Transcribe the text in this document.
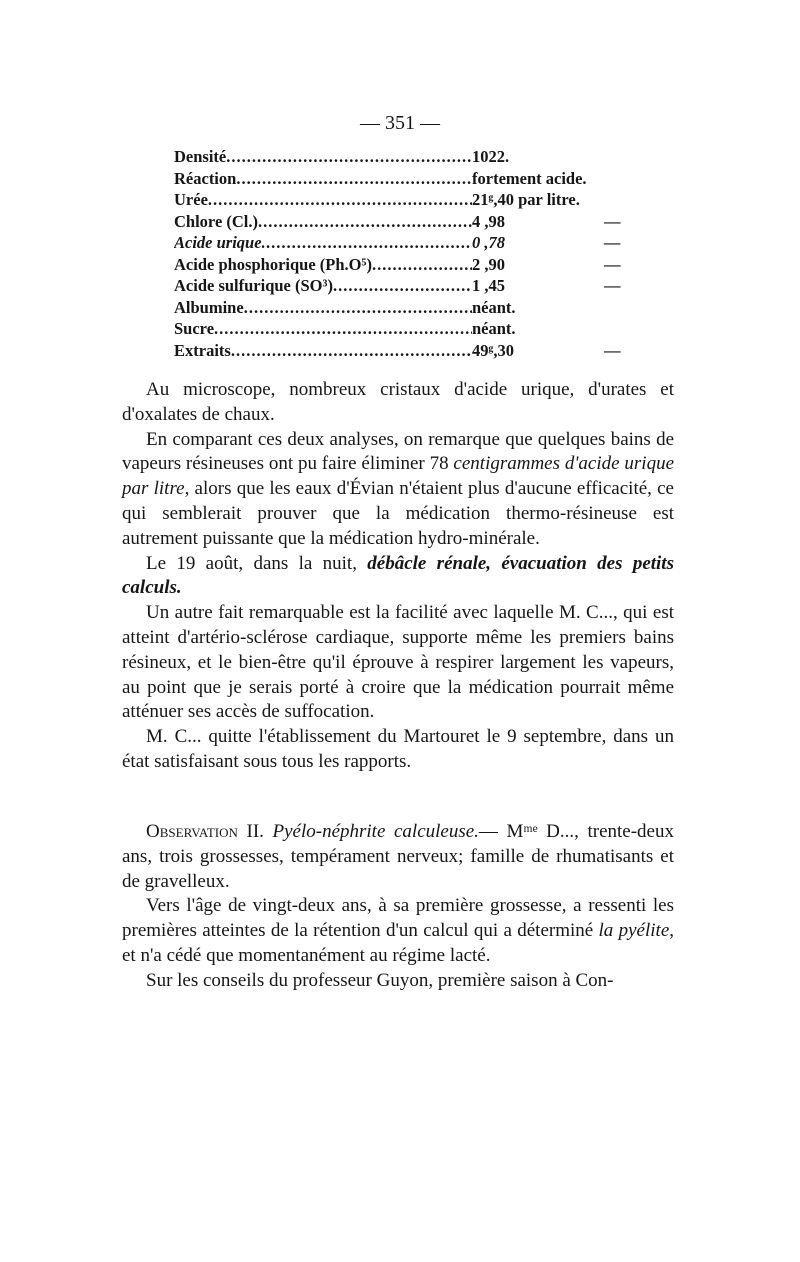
— 351 —
Densité .....	1022.
Réaction .....	fortement acide.
Urée .....	21ᵍ,40 par litre.
Chlore (Cl.) .....	4 ,98	—
Acide urique .....	0 ,78	—
Acide phosphorique (Ph.O⁵) .....	2 ,90	—
Acide sulfurique (SO³) .....	1 ,45	—
Albumine .....	néant.
Sucre .....	néant.
Extraits .....	49ᵍ,30	—

Au microscope, nombreux cristaux d'acide urique, d'urates et d'oxalates de chaux.

En comparant ces deux analyses, on remarque que quelques bains de vapeurs résineuses ont pu faire éliminer 78 centigrammes d'acide urique par litre, alors que les eaux d'Évian n'étaient plus d'aucune efficacité, ce qui semblerait prouver que la médication thermo-résineuse est autrement puissante que la médication hydro-minérale.

Le 19 août, dans la nuit, débâcle rénale, évacuation des petits calculs.

Un autre fait remarquable est la facilité avec laquelle M. C..., qui est atteint d'artério-sclérose cardiaque, supporte même les premiers bains résineux, et le bien-être qu'il éprouve à respirer largement les vapeurs, au point que je serais porté à croire que la médication pourrait même atténuer ses accès de suffocation.

M. C... quitte l'établissement du Martouret le 9 septembre, dans un état satisfaisant sous tous les rapports.

Observation II. Pyélo-néphrite calculeuse.— Mᵐᵉ D..., trente-deux ans, trois grossesses, tempérament nerveux; famille de rhumatisants et de gravelleux.

Vers l'âge de vingt-deux ans, à sa première grossesse, a ressenti les premières atteintes de la rétention d'un calcul qui a déterminé la pyélite, et n'a cédé que momentanément au régime lacté.

Sur les conseils du professeur Guyon, première saison à Con-
